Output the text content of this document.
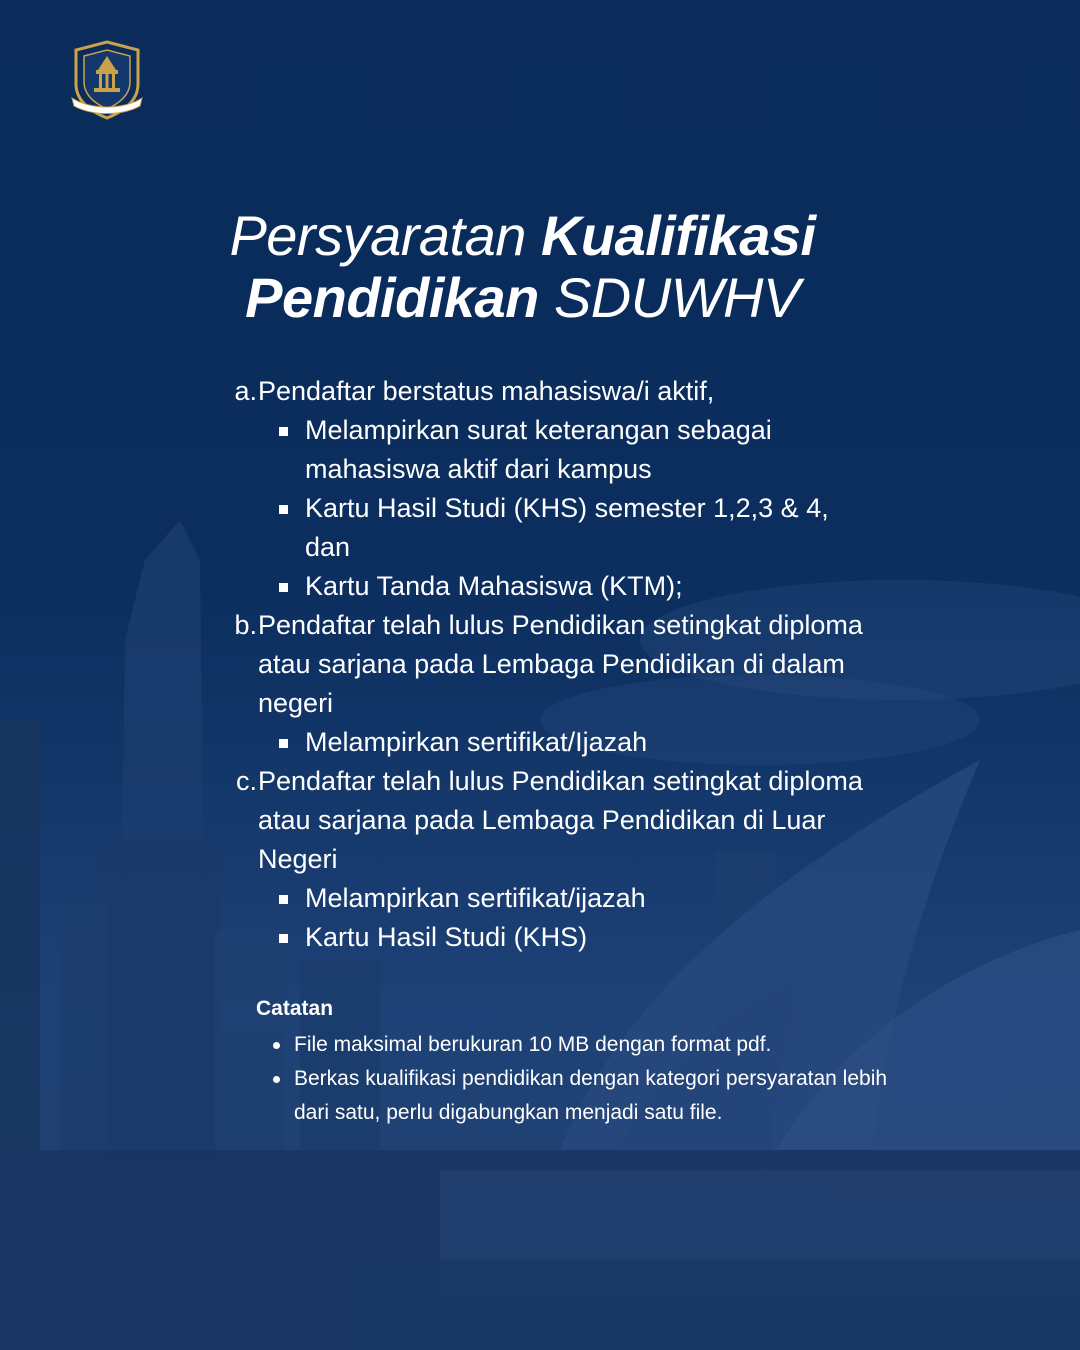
Persyaratan Kualifikasi
Pendidikan SDUWHV
a. Pendaftar berstatus mahasiswa/i aktif,
Melampirkan surat keterangan sebagai mahasiswa aktif dari kampus
Kartu Hasil Studi (KHS) semester 1,2,3 & 4, dan
Kartu Tanda Mahasiswa (KTM);
b. Pendaftar telah lulus Pendidikan setingkat diploma atau sarjana pada Lembaga Pendidikan di dalam negeri
Melampirkan sertifikat/Ijazah
c. Pendaftar telah lulus Pendidikan setingkat diploma atau sarjana pada Lembaga Pendidikan di Luar Negeri
Melampirkan sertifikat/ijazah
Kartu Hasil Studi (KHS)
Catatan
File maksimal berukuran 10 MB dengan format pdf.
Berkas kualifikasi pendidikan dengan kategori persyaratan lebih dari satu, perlu digabungkan menjadi satu file.
